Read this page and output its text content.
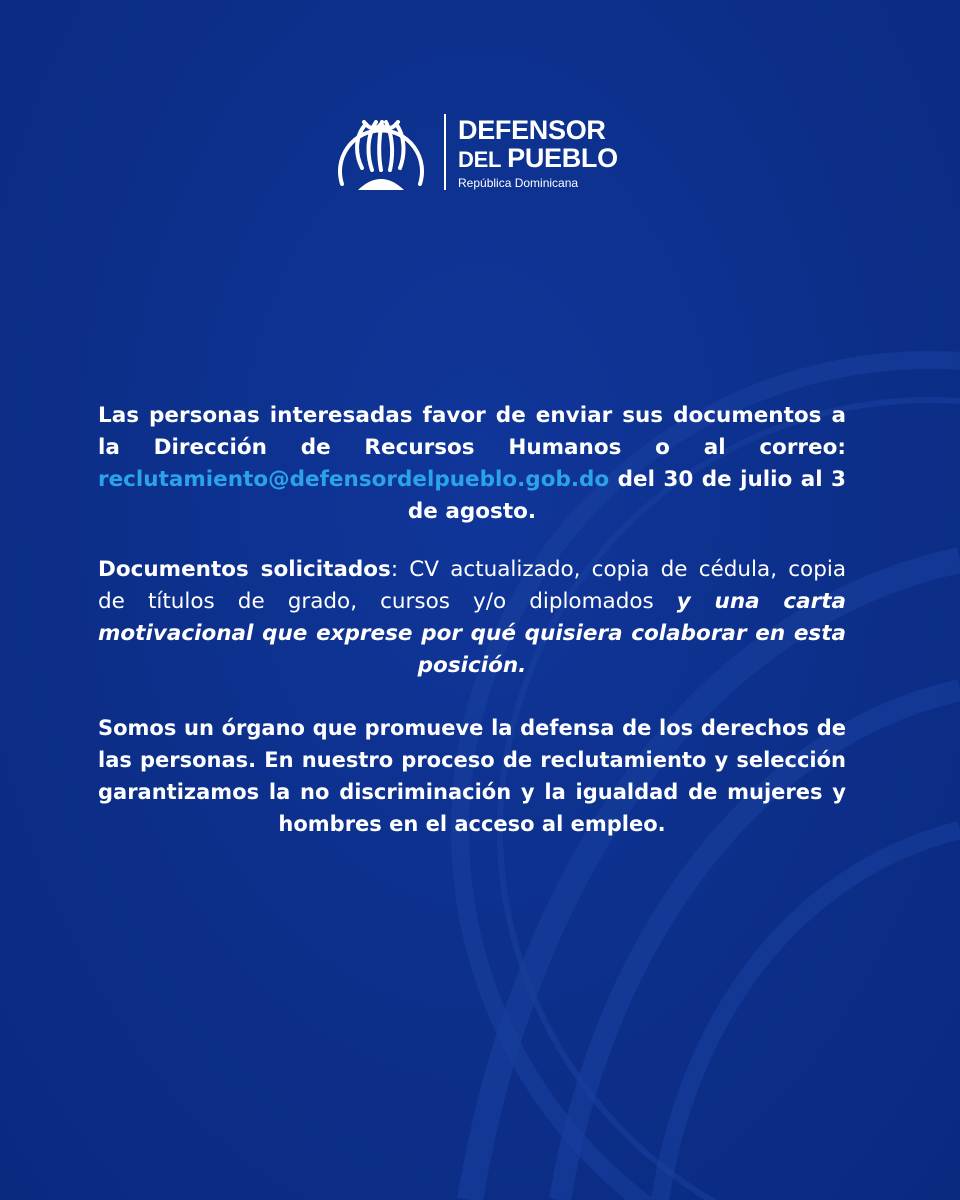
DEFENSOR
DEL PUEBLO
República Dominicana

Las personas interesadas favor de enviar sus documentos a la Dirección de Recursos Humanos o al correo: reclutamiento@defensordelpueblo.gob.do del 30 de julio al 3 de agosto.

Documentos solicitados: CV actualizado, copia de cédula, copia de títulos de grado, cursos y/o diplomados y una carta motivacional que exprese por qué quisiera colaborar en esta posición.

Somos un órgano que promueve la defensa de los derechos de las personas. En nuestro proceso de reclutamiento y selección garantizamos la no discriminación y la igualdad de mujeres y hombres en el acceso al empleo.
